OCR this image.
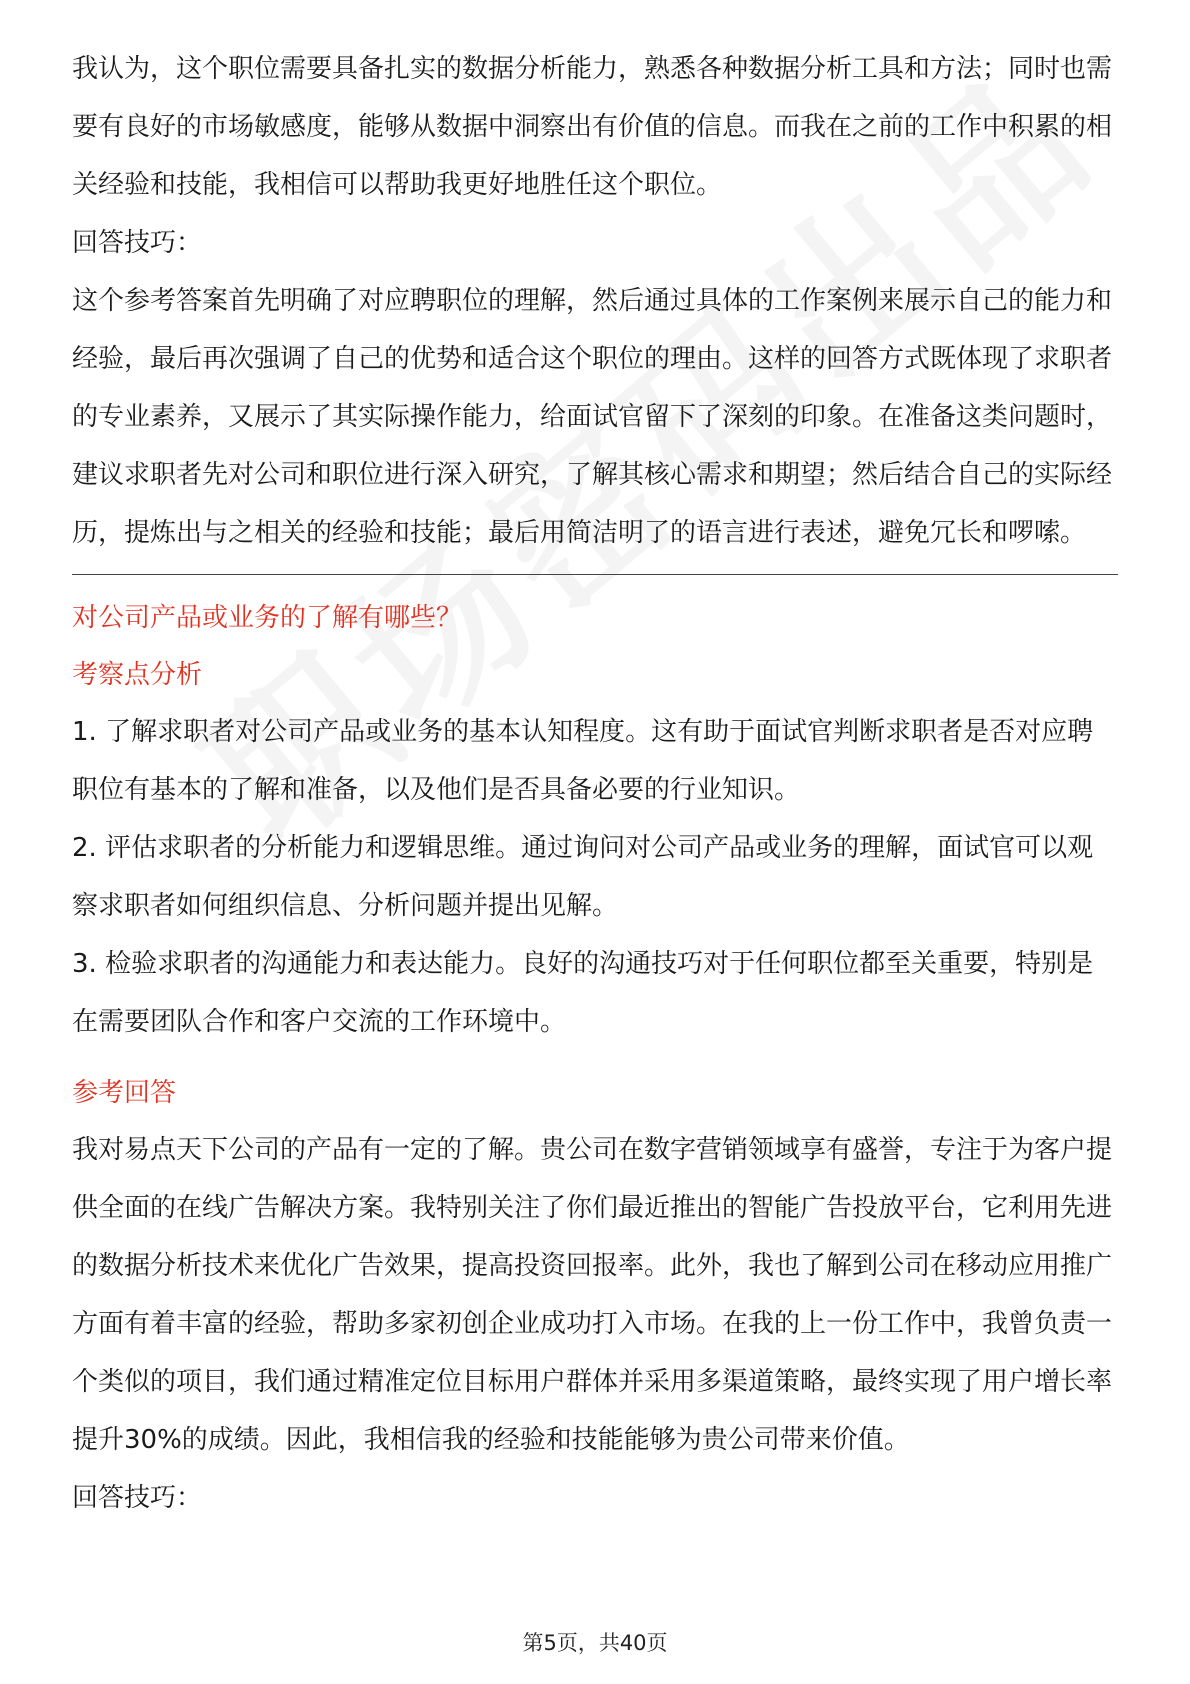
我认为，这个职位需要具备扎实的数据分析能力，熟悉各种数据分析工具和方法；同时也需要有良好的市场敏感度，能够从数据中洞察出有价值的信息。而我在之前的工作中积累的相关经验和技能，我相信可以帮助我更好地胜任这个职位。

回答技巧：

这个参考答案首先明确了对应聘职位的理解，然后通过具体的工作案例来展示自己的能力和经验，最后再次强调了自己的优势和适合这个职位的理由。这样的回答方式既体现了求职者的专业素养，又展示了其实际操作能力，给面试官留下了深刻的印象。在准备这类问题时，建议求职者先对公司和职位进行深入研究，了解其核心需求和期望；然后结合自己的实际经历，提炼出与之相关的经验和技能；最后用简洁明了的语言进行表述，避免冗长和啰嗦。

对公司产品或业务的了解有哪些？

考察点分析

1. 了解求职者对公司产品或业务的基本认知程度。这有助于面试官判断求职者是否对应聘职位有基本的了解和准备，以及他们是否具备必要的行业知识。

2. 评估求职者的分析能力和逻辑思维。通过询问对公司产品或业务的理解，面试官可以观察求职者如何组织信息、分析问题并提出见解。

3. 检验求职者的沟通能力和表达能力。良好的沟通技巧对于任何职位都至关重要，特别是在需要团队合作和客户交流的工作环境中。

参考回答

我对易点天下公司的产品有一定的了解。贵公司在数字营销领域享有盛誉，专注于为客户提供全面的在线广告解决方案。我特别关注了你们最近推出的智能广告投放平台，它利用先进的数据分析技术来优化广告效果，提高投资回报率。此外，我也了解到公司在移动应用推广方面有着丰富的经验，帮助多家初创企业成功打入市场。在我的上一份工作中，我曾负责一个类似的项目，我们通过精准定位目标用户群体并采用多渠道策略，最终实现了用户增长率提升30%的成绩。因此，我相信我的经验和技能能够为贵公司带来价值。

回答技巧：

第5页，共40页
